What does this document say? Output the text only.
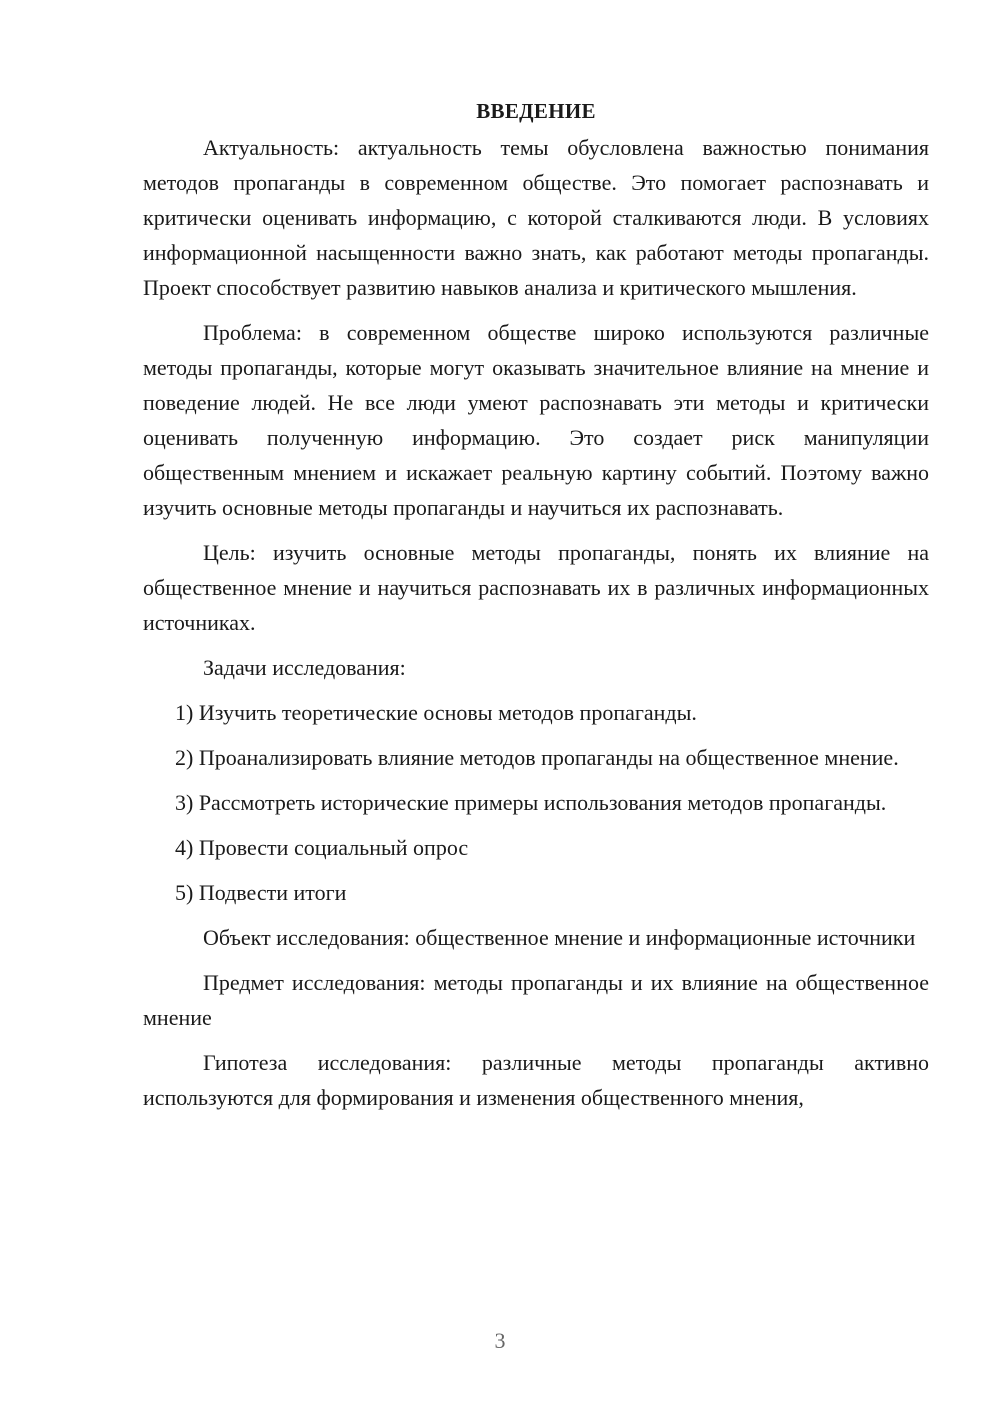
ВВЕДЕНИЕ

Актуальность: актуальность темы обусловлена важностью понимания методов пропаганды в современном обществе. Это помогает распознавать и критически оценивать информацию, с которой сталкиваются люди. В условиях информационной насыщенности важно знать, как работают методы пропаганды. Проект способствует развитию навыков анализа и критического мышления.

Проблема: в современном обществе широко используются различные методы пропаганды, которые могут оказывать значительное влияние на мнение и поведение людей. Не все люди умеют распознавать эти методы и критически оценивать полученную информацию. Это создает риск манипуляции общественным мнением и искажает реальную картину событий. Поэтому важно изучить основные методы пропаганды и научиться их распознавать.

Цель: изучить основные методы пропаганды, понять их влияние на общественное мнение и научиться распознавать их в различных информационных источниках.

Задачи исследования:

1) Изучить теоретические основы методов пропаганды.

2) Проанализировать влияние методов пропаганды на общественное мнение.

3) Рассмотреть исторические примеры использования методов пропаганды.

4) Провести социальный опрос

5) Подвести итоги

Объект исследования: общественное мнение и информационные источники

Предмет исследования: методы пропаганды и их влияние на общественное мнение

Гипотеза исследования: различные методы пропаганды активно используются для формирования и изменения общественного мнения,

3
